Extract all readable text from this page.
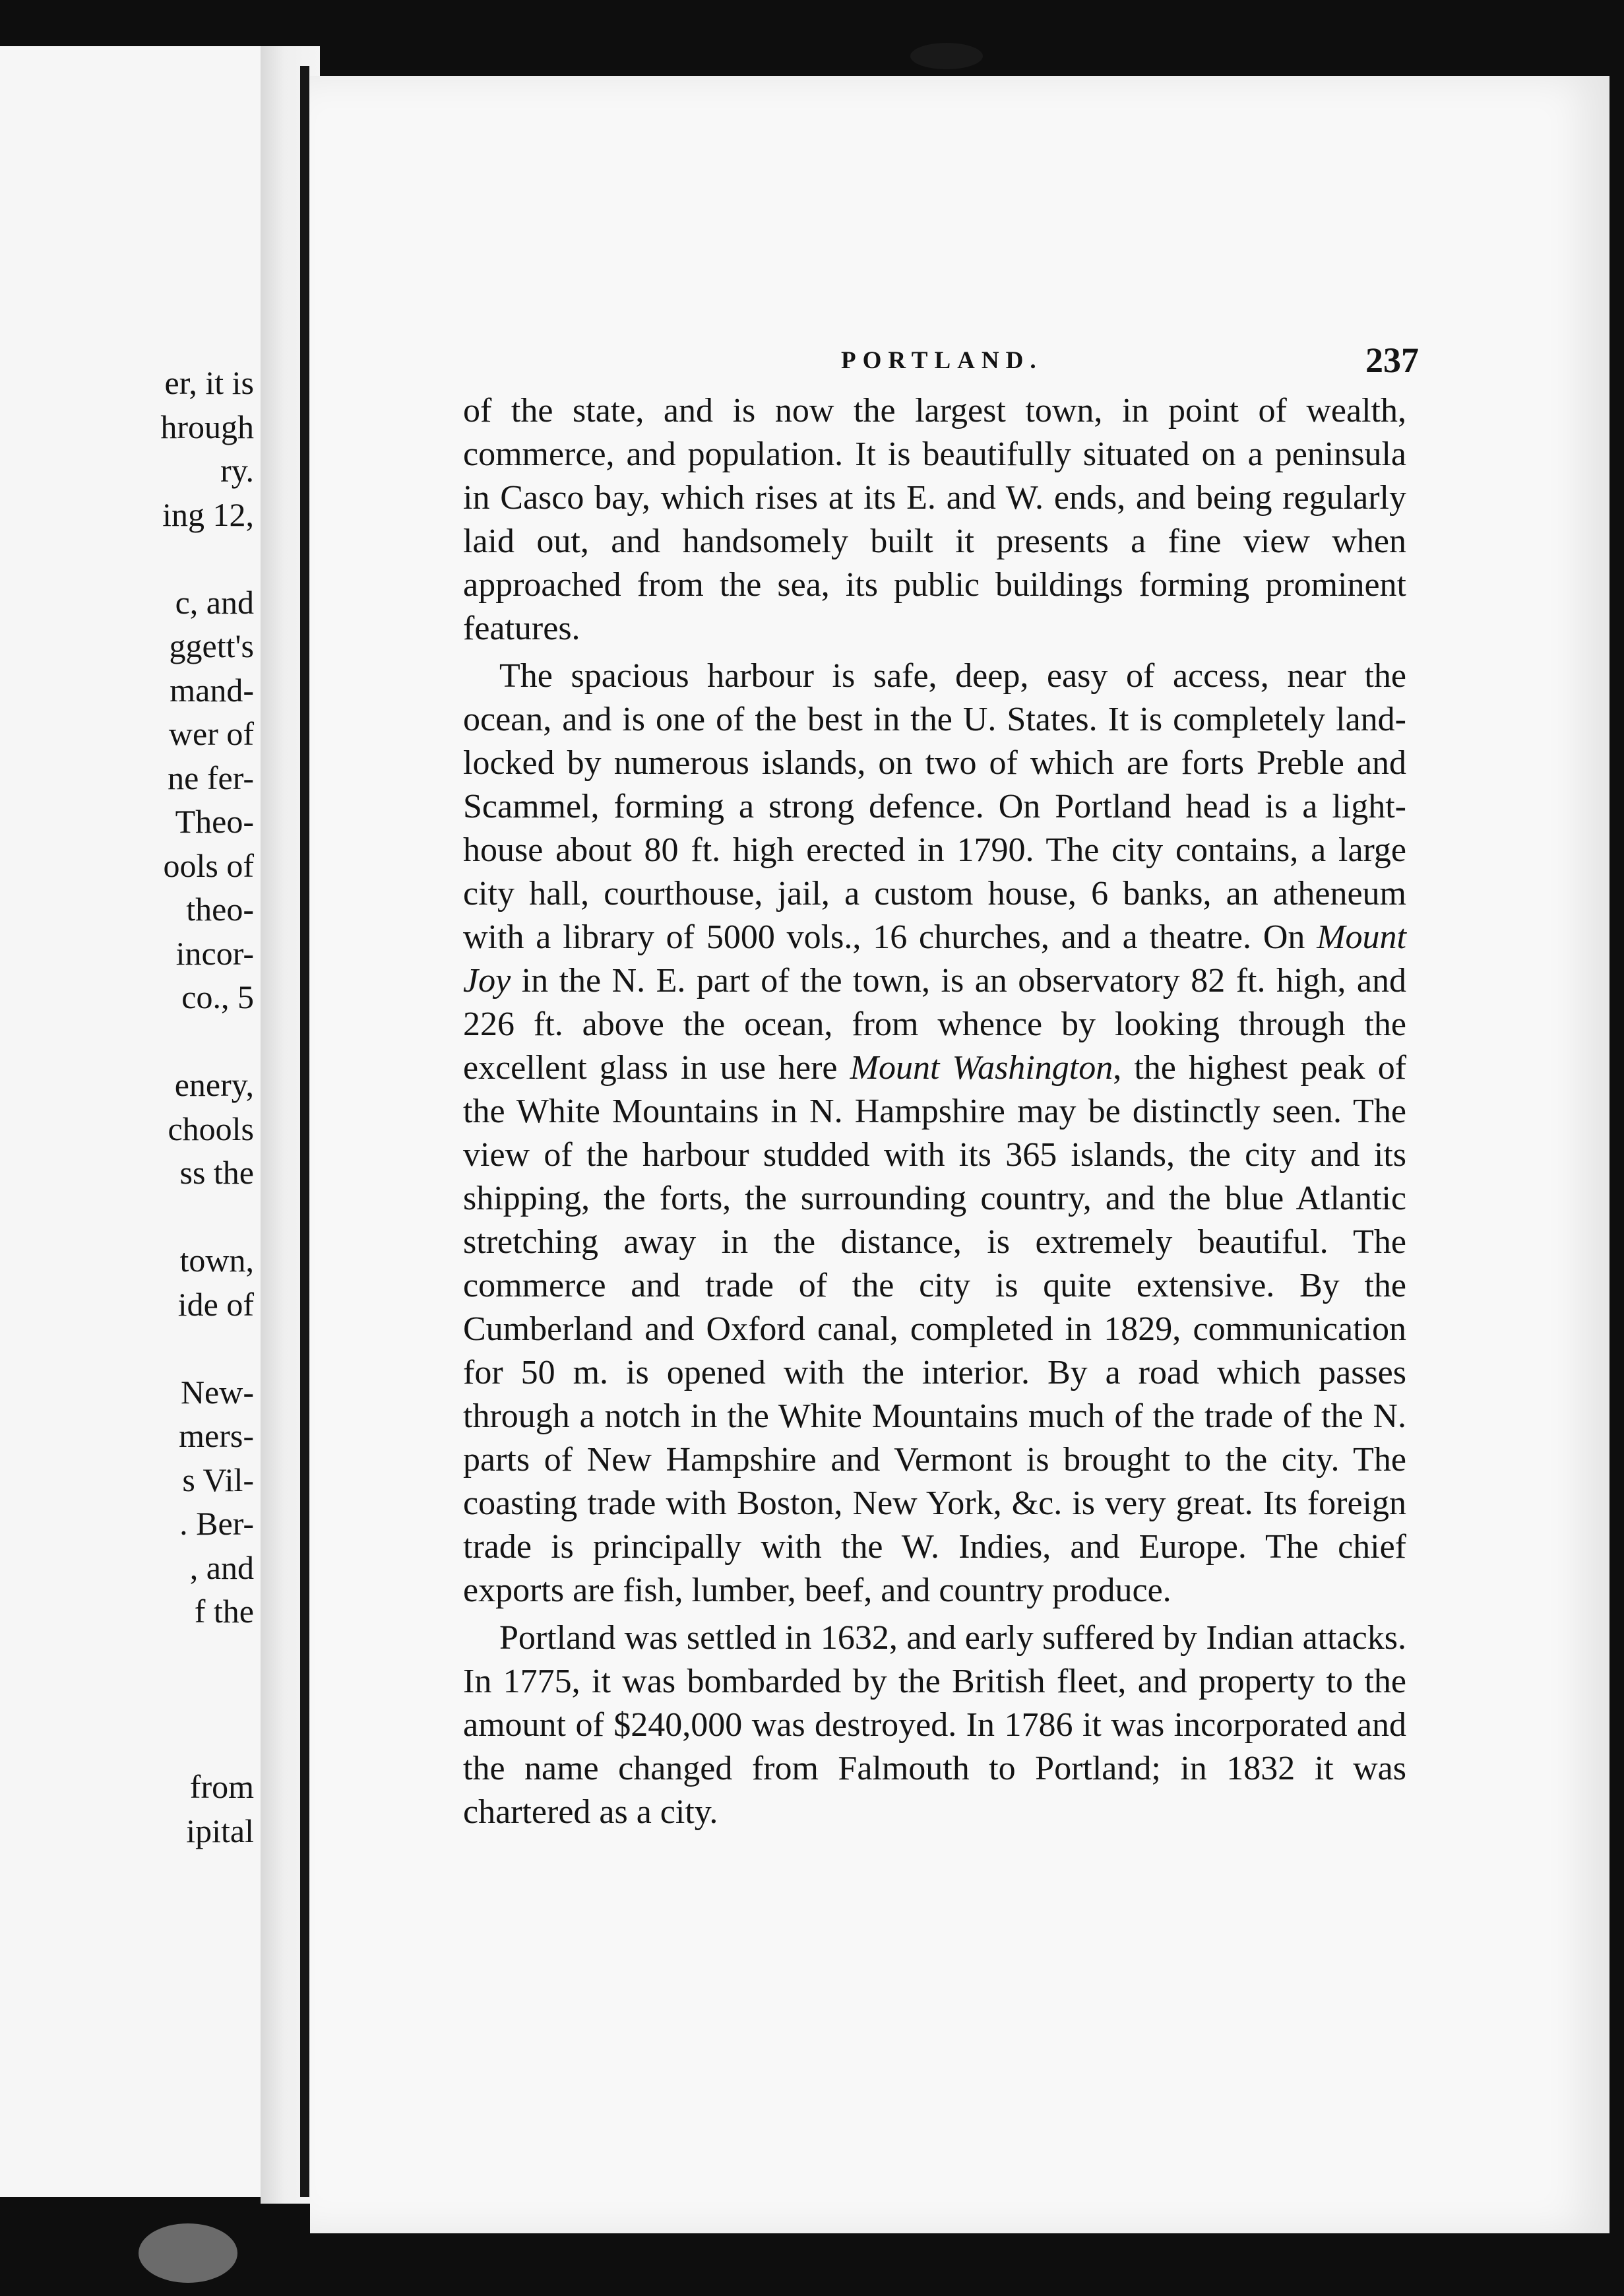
er, it is
hrough
ry.
ing 12,
c, and
ggett's
mand-
wer of
ne fer-
Theo-
ools of
theo-
incor-
co., 5
enery,
chools
ss the
town,
ide of
New-
mers-
s Vil-
. Ber-
, and
f the
from
ipital
PORTLAND.	237

of the state, and is now the largest town, in point of wealth, commerce, and population. It is beautifully situated on a peninsula in Casco bay, which rises at its E. and W. ends, and being regularly laid out, and handsomely built it presents a fine view when approached from the sea, its public buildings forming prominent features.

The spacious harbour is safe, deep, easy of access, near the ocean, and is one of the best in the U. States. It is completely land-locked by numerous islands, on two of which are forts Preble and Scammel, forming a strong defence. On Portland head is a light-house about 80 ft. high erected in 1790. The city contains, a large city hall, courthouse, jail, a custom house, 6 banks, an atheneum with a library of 5000 vols., 16 churches, and a theatre. On Mount Joy in the N. E. part of the town, is an observatory 82 ft. high, and 226 ft. above the ocean, from whence by looking through the excellent glass in use here Mount Washington, the highest peak of the White Mountains in N. Hampshire may be distinctly seen. The view of the harbour studded with its 365 islands, the city and its shipping, the forts, the surrounding country, and the blue Atlantic stretching away in the distance, is extremely beautiful. The commerce and trade of the city is quite extensive. By the Cumberland and Oxford canal, completed in 1829, communication for 50 m. is opened with the interior. By a road which passes through a notch in the White Mountains much of the trade of the N. parts of New Hampshire and Vermont is brought to the city. The coasting trade with Boston, New York, &c. is very great. Its foreign trade is principally with the W. Indies, and Europe. The chief exports are fish, lumber, beef, and country produce.

Portland was settled in 1632, and early suffered by Indian attacks. In 1775, it was bombarded by the British fleet, and property to the amount of $240,000 was destroyed. In 1786 it was incorporated and the name changed from Falmouth to Portland; in 1832 it was chartered as a city.
